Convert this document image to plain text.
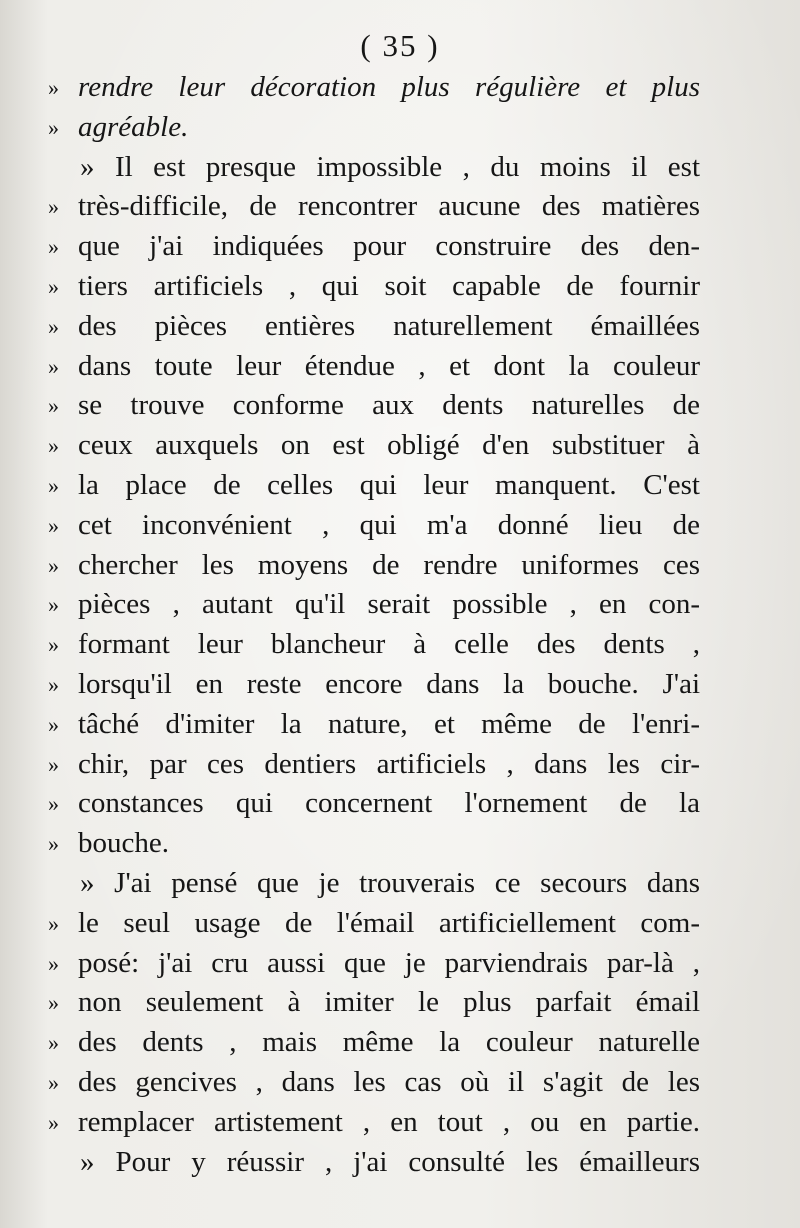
( 35 )
» rendre leur décoration plus régulière et plus
» agréable.
» Il est presque impossible , du moins il est
» très-difficile, de rencontrer aucune des matières
» que j'ai indiquées pour construire des den-
» tiers artificiels , qui soit capable de fournir
» des pièces entières naturellement émaillées
» dans toute leur étendue , et dont la couleur
» se trouve conforme aux dents naturelles de
» ceux auxquels on est obligé d'en substituer à
» la place de celles qui leur manquent. C'est
» cet inconvénient , qui m'a donné lieu de
» chercher les moyens de rendre uniformes ces
» pièces , autant qu'il serait possible , en con-
» formant leur blancheur à celle des dents ,
» lorsqu'il en reste encore dans la bouche. J'ai
» tâché d'imiter la nature, et même de l'enri-
» chir, par ces dentiers artificiels , dans les cir-
» constances qui concernent l'ornement de la
» bouche.
» J'ai pensé que je trouverais ce secours dans
» le seul usage de l'émail artificiellement com-
» posé: j'ai cru aussi que je parviendrais par-là ,
» non seulement à imiter le plus parfait émail
» des dents , mais même la couleur naturelle
» des gencives , dans les cas où il s'agit de les
» remplacer artistement , en tout , ou en partie.
» Pour y réussir , j'ai consulté les émailleurs
